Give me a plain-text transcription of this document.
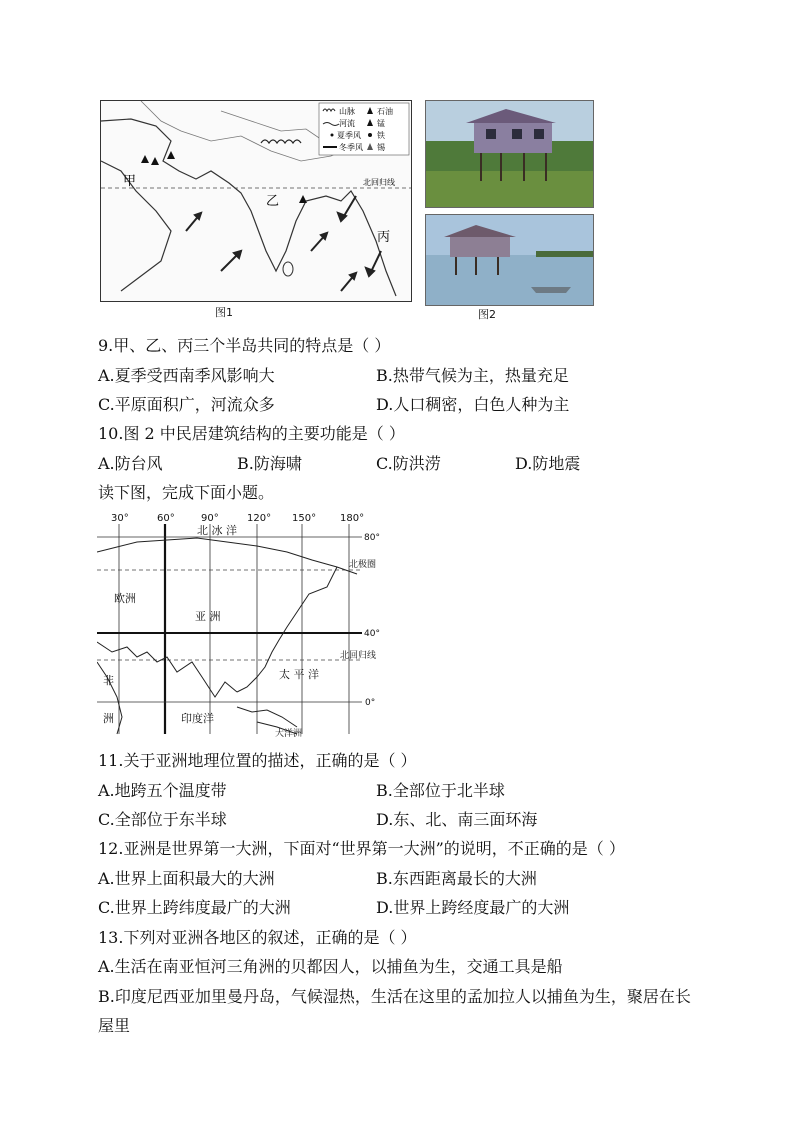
山脉	石油
河流	锰
夏季风 铁
冬季风 锡
甲
乙
丙
北回归线
图1	图2
9.甲、乙、丙三个半岛共同的特点是（ ）
A.夏季受西南季风影响大	B.热带气候为主，热量充足
C.平原面积广，河流众多	D.人口稠密，白色人种为主
10.图 2 中民居建筑结构的主要功能是（ ）
A.防台风	B.防海啸	C.防洪涝	D.防地震
读下图，完成下面小题。
30°	60°	90°	120° 150° 180°
80°
北极圈
40°
北回归线
0°
北 冰 洋
欧洲
亚 洲
非
洲
太 平 洋
印度洋
大洋洲
11.关于亚洲地理位置的描述，正确的是（ ）
A.地跨五个温度带	B.全部位于北半球
C.全部位于东半球	D.东、北、南三面环海
12.亚洲是世界第一大洲，下面对“世界第一大洲”的说明，不正确的是（ ）
A.世界上面积最大的大洲	B.东西距离最长的大洲
C.世界上跨纬度最广的大洲	D.世界上跨经度最广的大洲
13.下列对亚洲各地区的叙述，正确的是（ ）
A.生活在南亚恒河三角洲的贝都因人，以捕鱼为生，交通工具是船
B.印度尼西亚加里曼丹岛，气候湿热，生活在这里的孟加拉人以捕鱼为生，聚居在长
屋里
